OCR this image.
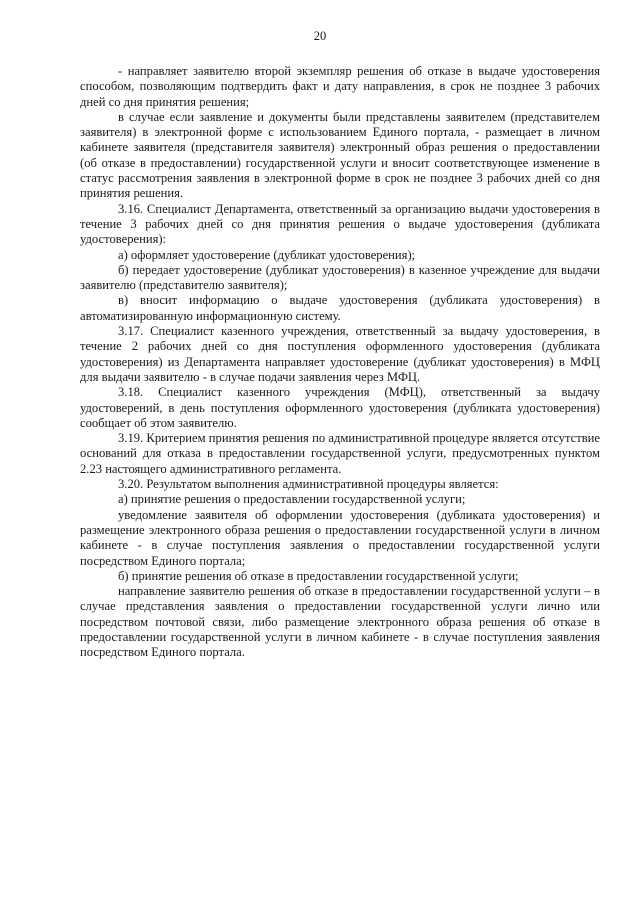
20

- направляет заявителю второй экземпляр решения об отказе в выдаче удостоверения способом, позволяющим подтвердить факт и дату направления, в срок не позднее 3 рабочих дней со дня принятия решения;

в случае если заявление и документы были представлены заявителем (представителем заявителя) в электронной форме с использованием Единого портала, - размещает в личном кабинете заявителя (представителя заявителя) электронный образ решения о предоставлении (об отказе в предоставлении) государственной услуги и вносит соответствующее изменение в статус рассмотрения заявления в электронной форме в срок не позднее 3 рабочих дней со дня принятия решения.

3.16. Специалист Департамента, ответственный за организацию выдачи удостоверения в течение 3 рабочих дней со дня принятия решения о выдаче удостоверения (дубликата удостоверения):

а) оформляет удостоверение (дубликат удостоверения);

б) передает удостоверение (дубликат удостоверения) в казенное учреждение для выдачи заявителю (представителю заявителя);

в) вносит информацию о выдаче удостоверения (дубликата удостоверения) в автоматизированную информационную систему.

3.17. Специалист казенного учреждения, ответственный за выдачу удостоверения, в течение 2 рабочих дней со дня поступления оформленного удостоверения (дубликата удостоверения) из Департамента направляет удостоверение (дубликат удостоверения) в МФЦ для выдачи заявителю - в случае подачи заявления через МФЦ.

3.18. Специалист казенного учреждения (МФЦ), ответственный за выдачу удостоверений, в день поступления оформленного удостоверения (дубликата удостоверения) сообщает об этом заявителю.

3.19. Критерием принятия решения по административной процедуре является отсутствие оснований для отказа в предоставлении государственной услуги, предусмотренных пунктом 2.23 настоящего административного регламента.

3.20. Результатом выполнения административной процедуры является:

а) принятие решения о предоставлении государственной услуги;

уведомление заявителя об оформлении удостоверения (дубликата удостоверения) и размещение электронного образа решения о предоставлении государственной услуги в личном кабинете - в случае поступления заявления о предоставлении государственной услуги посредством Единого портала;

б) принятие решения об отказе в предоставлении государственной услуги;

направление заявителю решения об отказе в предоставлении государственной услуги – в случае представления заявления о предоставлении государственной услуги лично или посредством почтовой связи, либо размещение электронного образа решения об отказе в предоставлении государственной услуги в личном кабинете - в случае поступления заявления посредством Единого портала.
